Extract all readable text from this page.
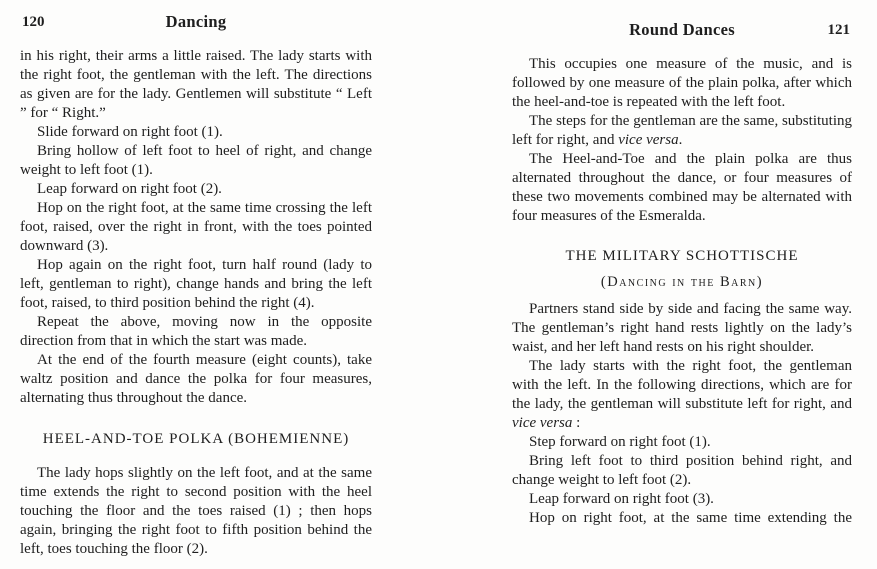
120	Dancing

in his right, their arms a little raised. The lady starts with the right foot, the gentleman with the left. The directions as given are for the lady. Gentlemen will substitute “ Left ” for “ Right.”

Slide forward on right foot (1).

Bring hollow of left foot to heel of right, and change weight to left foot (1).

Leap forward on right foot (2).

Hop on the right foot, at the same time crossing the left foot, raised, over the right in front, with the toes pointed downward (3).

Hop again on the right foot, turn half round (lady to left, gentleman to right), change hands and bring the left foot, raised, to third position behind the right (4).

Repeat the above, moving now in the opposite direction from that in which the start was made.

At the end of the fourth measure (eight counts), take waltz position and dance the polka for four measures, alternating thus throughout the dance.

HEEL-AND-TOE POLKA (BOHEMIENNE)

The lady hops slightly on the left foot, and at the same time extends the right to second position with the heel touching the floor and the toes raised (1) ; then hops again, bringing the right foot to fifth position behind the left, toes touching the floor (2).

Round Dances	121

This occupies one measure of the music, and is followed by one measure of the plain polka, after which the heel-and-toe is repeated with the left foot.

The steps for the gentleman are the same, substituting left for right, and vice versa.

The Heel-and-Toe and the plain polka are thus alternated throughout the dance, or four measures of these two movements combined may be alternated with four measures of the Esmeralda.

THE MILITARY SCHOTTISCHE
(Dancing in the Barn)

Partners stand side by side and facing the same way. The gentleman’s right hand rests lightly on the lady’s waist, and her left hand rests on his right shoulder.

The lady starts with the right foot, the gentleman with the left. In the following directions, which are for the lady, the gentleman will substitute left for right, and vice versa :

Step forward on right foot (1).

Bring left foot to third position behind right, and change weight to left foot (2).

Leap forward on right foot (3).

Hop on right foot, at the same time extending the
